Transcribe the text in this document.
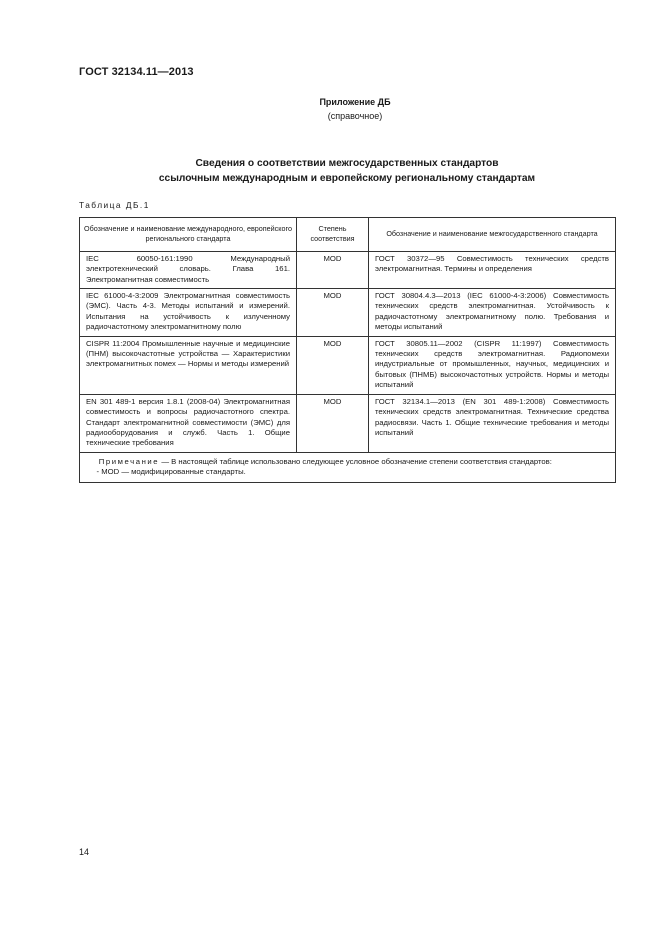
ГОСТ 32134.11—2013
Приложение ДБ
(справочное)
Сведения о соответствии межгосударственных стандартов
ссылочным международным и европейскому региональному стандартам
Таблица ДБ.1
Обозначение и наименование международного, европейского регионального стандарта	Степень соответствия	Обозначение и наименование межгосударственного стандарта
IEC 60050-161:1990 Международный электротехнический словарь. Глава 161. Электромагнитная совместимость	MOD	ГОСТ 30372—95 Совместимость технических средств электромагнитная. Термины и определения
IEC 61000-4-3:2009 Электромагнитная совместимость (ЭМС). Часть 4-3. Методы испытаний и измерений. Испытания на устойчивость к излученному радиочастотному электромагнитному полю	MOD	ГОСТ 30804.4.3—2013 (IEC 61000-4-3:2006) Совместимость технических средств электромагнитная. Устойчивость к радиочастотному электромагнитному полю. Требования и методы испытаний
CISPR 11:2004 Промышленные научные и медицинские (ПНМ) высокочастотные устройства — Характеристики электромагнитных помех — Нормы и методы измерений	MOD	ГОСТ 30805.11—2002 (CISPR 11:1997) Совместимость технических средств электромагнитная. Радиопомехи индустриальные от промышленных, научных, медицинских и бытовых (ПНМБ) высокочастотных устройств. Нормы и методы испытаний
EN 301 489-1 версия 1.8.1 (2008-04) Электромагнитная совместимость и вопросы радиочастотного спектра. Стандарт электромагнитной совместимости (ЭМС) для радиооборудования и служб. Часть 1. Общие технические требования	MOD	ГОСТ 32134.1—2013 (EN 301 489-1:2008) Совместимость технических средств электромагнитная. Технические средства радиосвязи. Часть 1. Общие технические требования и методы испытаний

Примечание — В настоящей таблице использовано следующее условное обозначение степени соответствия стандартов:
- MOD — модифицированные стандарты.		
14
